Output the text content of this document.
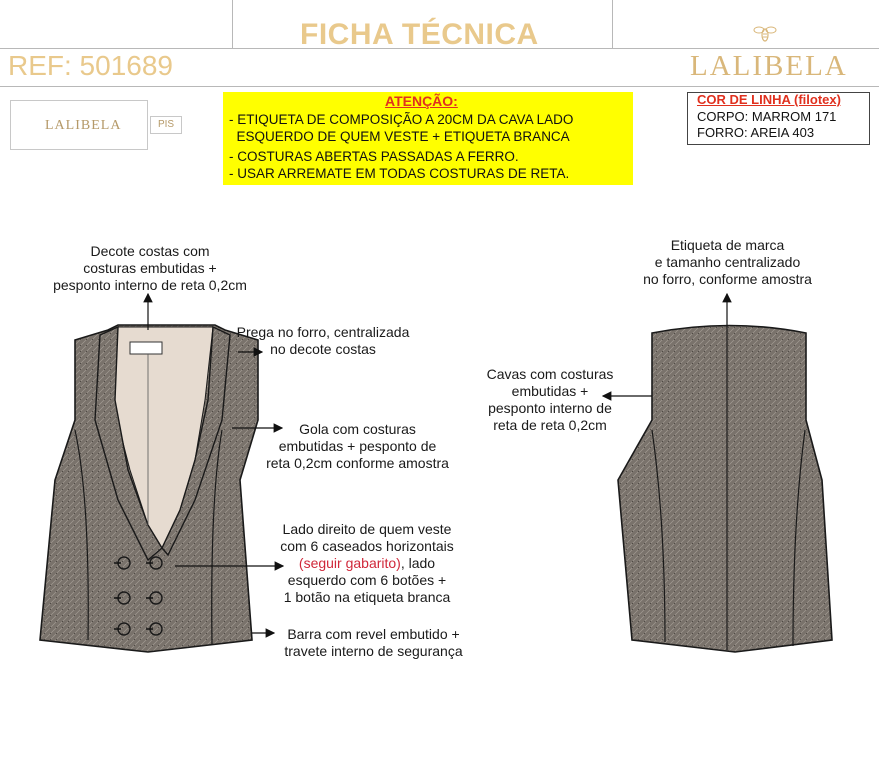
FICHA TÉCNICA
REF: 501689	LALIBELA
LALIBELA	PIS
ATENÇÃO:
- ETIQUETA DE COMPOSIÇÃO A 20CM DA CAVA LADO
ESQUERDO DE QUEM VESTE + ETIQUETA BRANCA
- COSTURAS ABERTAS PASSADAS A FERRO.
- USAR ARREMATE EM TODAS COSTURAS DE RETA.
COR DE LINHA (filotex)
CORPO: MARROM 171
FORRO: AREIA 403
Decote costas com
costuras embutidas +
pesponto interno de reta 0,2cm
Prega no forro, centralizada
no decote costas
Gola com costuras
embutidas + pesponto de
reta 0,2cm conforme amostra
Lado direito de quem veste
com 6 caseados horizontais
(seguir gabarito), lado
esquerdo com 6 botões +
1 botão na etiqueta branca
Barra com revel embutido +
travete interno de segurança
Etiqueta de marca
e tamanho centralizado
no forro, conforme amostra
Cavas com costuras
embutidas +
pesponto interno de
reta de reta 0,2cm
